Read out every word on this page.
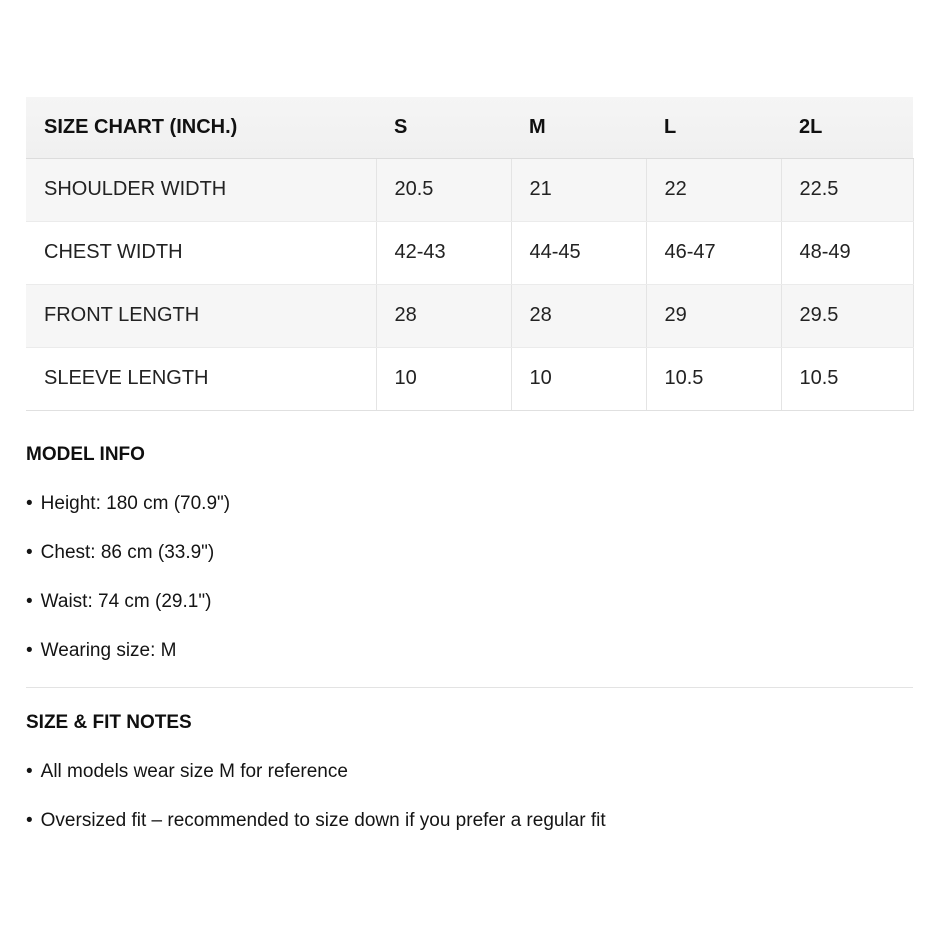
SIZE CHART (INCH.)	S	M	L	2L
SHOULDER WIDTH	20.5	21	22	22.5
CHEST WIDTH	42-43	44-45	46-47	48-49
FRONT LENGTH	28	28	29	29.5
SLEEVE LENGTH	10	10	10.5	10.5
MODEL INFO
• Height: 180 cm (70.9")
• Chest: 86 cm (33.9")
• Waist: 74 cm (29.1")
• Wearing size: M
SIZE & FIT NOTES
• All models wear size M for reference
• Oversized fit – recommended to size down if you prefer a regular fit
